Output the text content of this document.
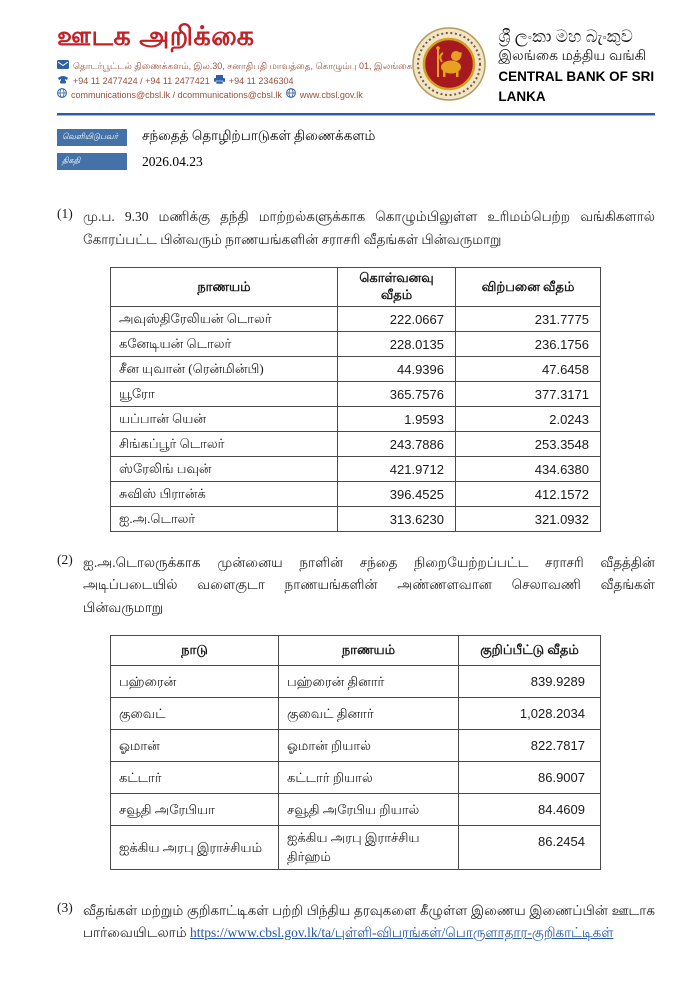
ஊடக அறிக்கை
தொடர்பூட்டல் திணைக்களம், இல.30, சனாதிபதி மாவத்தை, கொழும்பு 01, இலங்கை
+94 11 2477424 / +94 11 2477421 +94 11 2346304
communications@cbsl.lk / dcommunications@cbsl.lk www.cbsl.gov.lk
ශ්‍රී ලංකා මහ බැංකුව
இலங்கை மத்திய வங்கி
CENTRAL BANK OF SRI LANKA
வெளியிடுபவர்	சந்தைத் தொழிற்பாடுகள் திணைக்களம்
திகதி	2026.04.23
(1) மு.ப. 9.30 மணிக்கு தந்தி மாற்றல்களுக்காக கொழும்பிலுள்ள உரிமம்பெற்ற வங்கிகளால் கோரப்பட்ட பின்வரும் நாணயங்களின் சராசரி வீதங்கள் பின்வருமாறு
நாணயம்	கொள்வனவு வீதம்	விற்பனை வீதம்
அவுஸ்திரேலியன் டொலர்	222.0667	231.7775
கனேடியன் டொலர்	228.0135	236.1756
சீன யுவான் (ரென்மின்பி)	44.9396	47.6458
யூரோ	365.7576	377.3171
யப்பான் யென்	1.9593	2.0243
சிங்கப்பூர் டொலர்	243.7886	253.3548
ஸ்ரேலிங் பவுன்	421.9712	434.6380
சுவிஸ் பிரான்க்	396.4525	412.1572
ஐ.அ.டொலர்	313.6230	321.0932
(2) ஐ.அ.டொலருக்காக முன்னைய நாளின் சந்தை நிறையேற்றப்பட்ட சராசரி வீதத்தின் அடிப்படையில் வளைகுடா நாணயங்களின் அண்ணளவான செலாவணி வீதங்கள் பின்வருமாறு
நாடு	நாணயம்	குறிப்பீட்டு வீதம்
பஹ்ரைன்	பஹ்ரைன் தினார்	839.9289
குவைட்	குவைட் தினார்	1,028.2034
ஓமான்	ஓமான் றியால்	822.7817
கட்டார்	கட்டார் றியால்	86.9007
சவூதி அரேபியா	சவூதி அரேபிய றியால்	84.4609
ஐக்கிய அரபு இராச்சியம்	ஐக்கிய அரபு இராச்சிய திர்ஹம்	86.2454
(3) வீதங்கள் மற்றும் குறிகாட்டிகள் பற்றி பிந்திய தரவுகளை கீழுள்ள இணைய இணைப்பின் ஊடாக பார்வையிடலாம் https://www.cbsl.gov.lk/ta/புள்ளி-விபரங்கள்/பொருளாதார-குறிகாட்டிகள்
